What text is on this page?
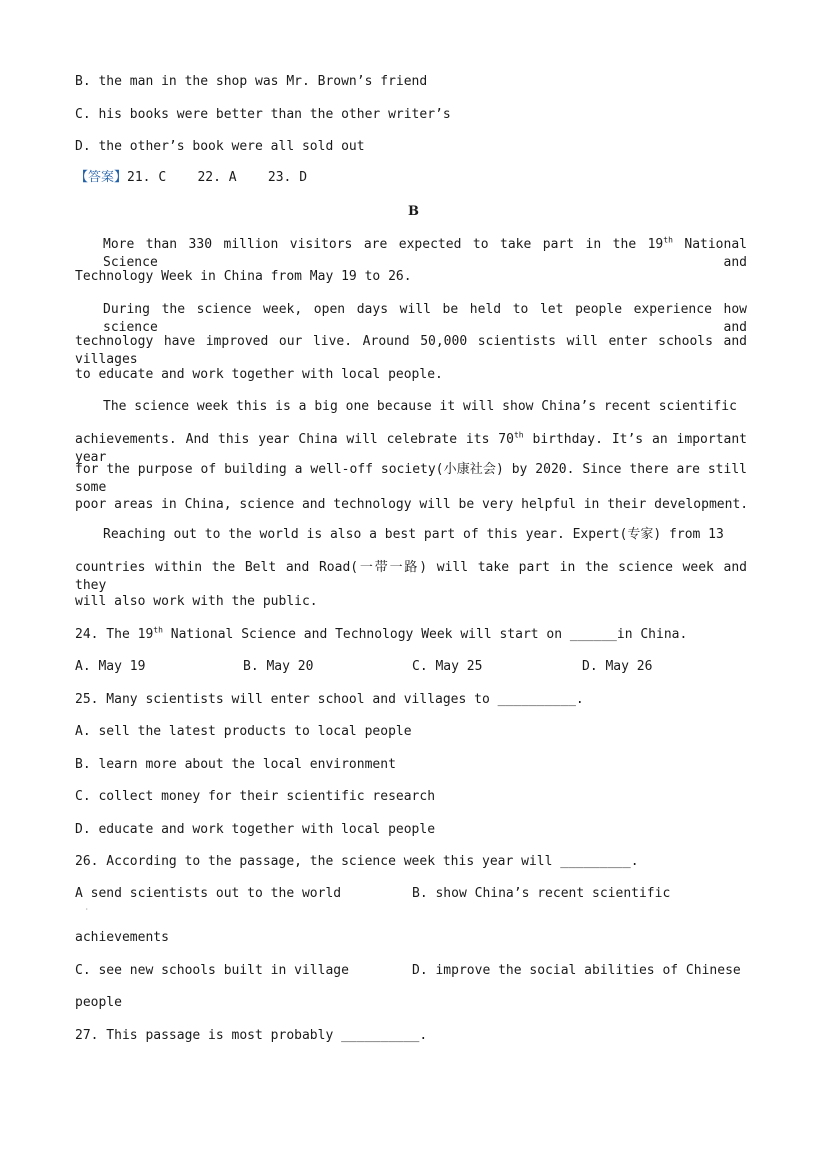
B. the man in the shop was Mr. Brown’s friend
C. his books were better than the other writer’s
D. the other’s book were all sold out
【答案】21. C    22. A    23. D
B
More than 330 million visitors are expected to take part in the 19th National Science and
Technology Week in China from May 19 to 26.
During the science week, open days will be held to let people experience how science and
technology have improved our live. Around 50,000 scientists will enter schools and villages
to educate and work together with local people.
The science week this is a big one because it will show China’s recent scientific
achievements. And this year China will celebrate its 70th birthday. It’s an important year
for the purpose of building a well-off society(小康社会) by 2020. Since there are still some
poor areas in China, science and technology will be very helpful in their development.
Reaching out to the world is also a best part of this year. Expert(专家) from 13
countries within the Belt and Road(一带一路) will take part in the science week and they
will also work with the public.
24. The 19th National Science and Technology Week will start on ______in China.
A. May 19	B. May 20	C. May 25	D. May 26
25. Many scientists will enter school and villages to __________.
A. sell the latest products to local people
B. learn more about the local environment
C. collect money for their scientific research
D. educate and work together with local people
26. According to the passage, the science week this year will _________.
A send scientists out to the world	B. show China’s recent scientific
·
achievements
C. see new schools built in village	D. improve the social abilities of Chinese
people
27. This passage is most probably __________.
